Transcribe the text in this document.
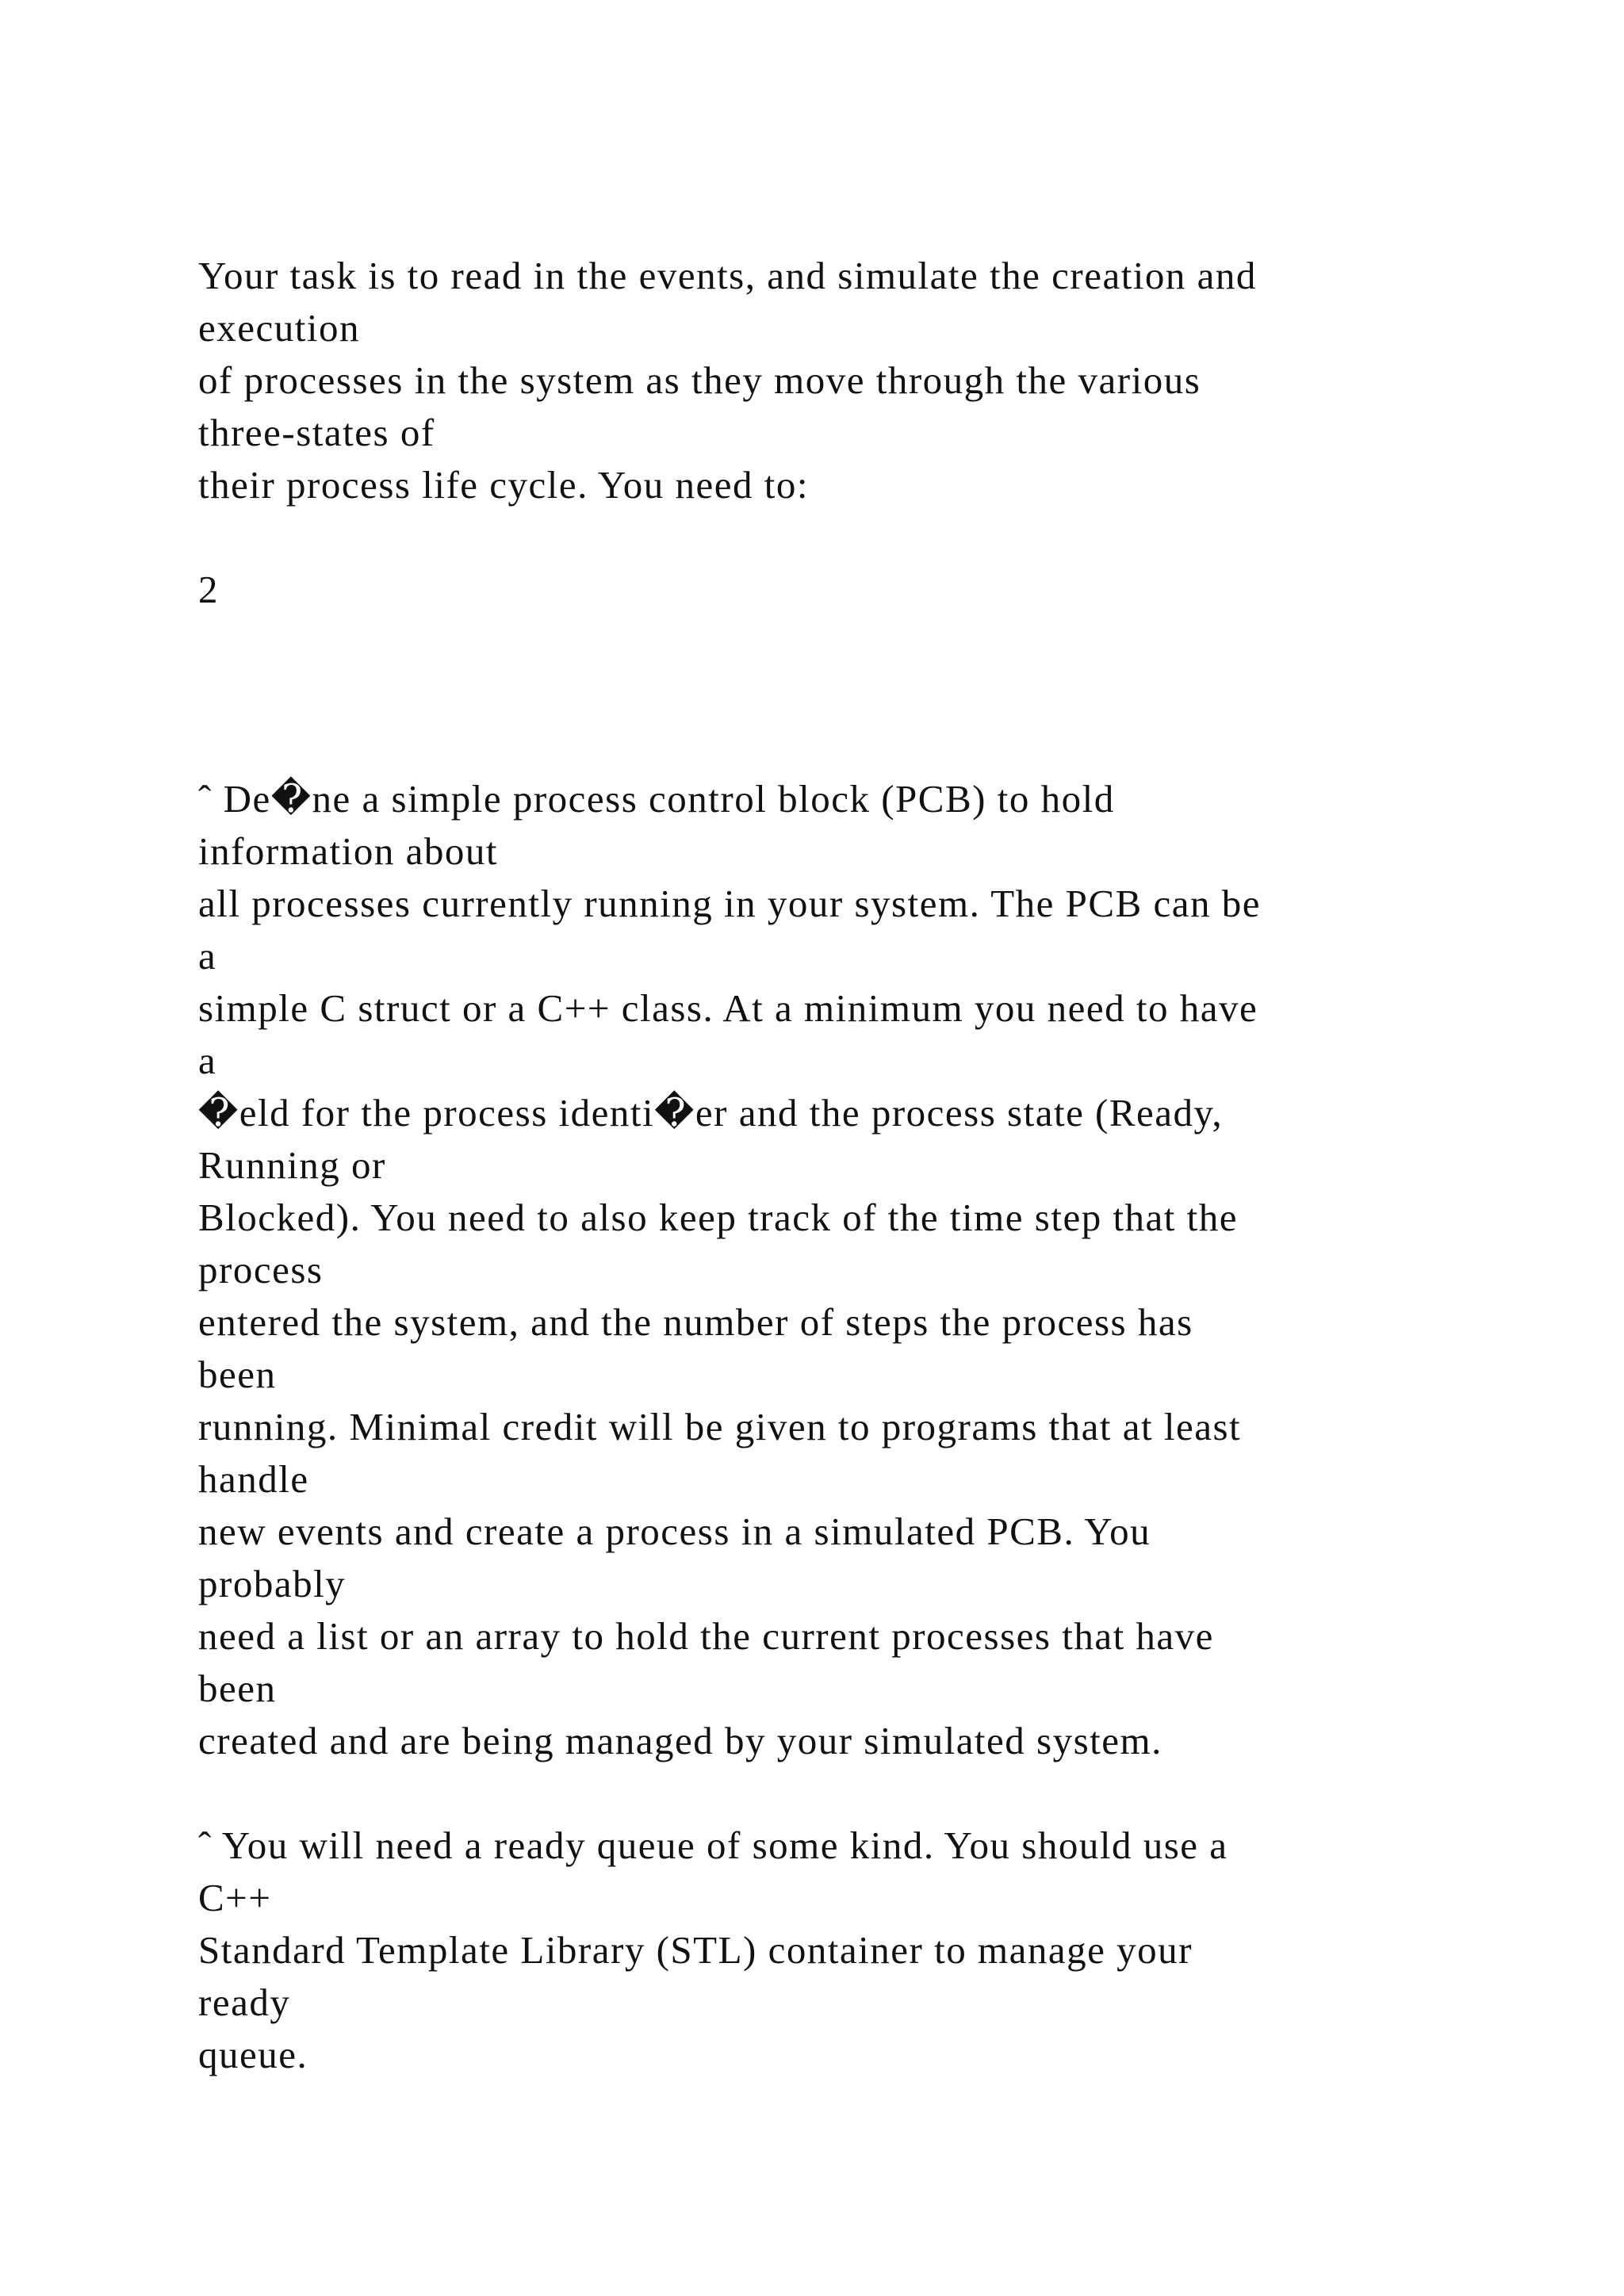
Your task is to read in the events, and simulate the creation and

execution

of processes in the system as they move through the various

three-states of

their process life cycle. You need to:

2

ˆ De�ne a simple process control block (PCB) to hold

information about

all processes currently running in your system. The PCB can be

a

simple C struct or a C++ class. At a minimum you need to have

a

�eld for the process identi�er and the process state (Ready,

Running or

Blocked). You need to also keep track of the time step that the

process

entered the system, and the number of steps the process has

been

running. Minimal credit will be given to programs that at least

handle

new events and create a process in a simulated PCB. You

probably

need a list or an array to hold the current processes that have

been

created and are being managed by your simulated system.

ˆ You will need a ready queue of some kind. You should use a

C++

Standard Template Library (STL) container to manage your

ready

queue.
